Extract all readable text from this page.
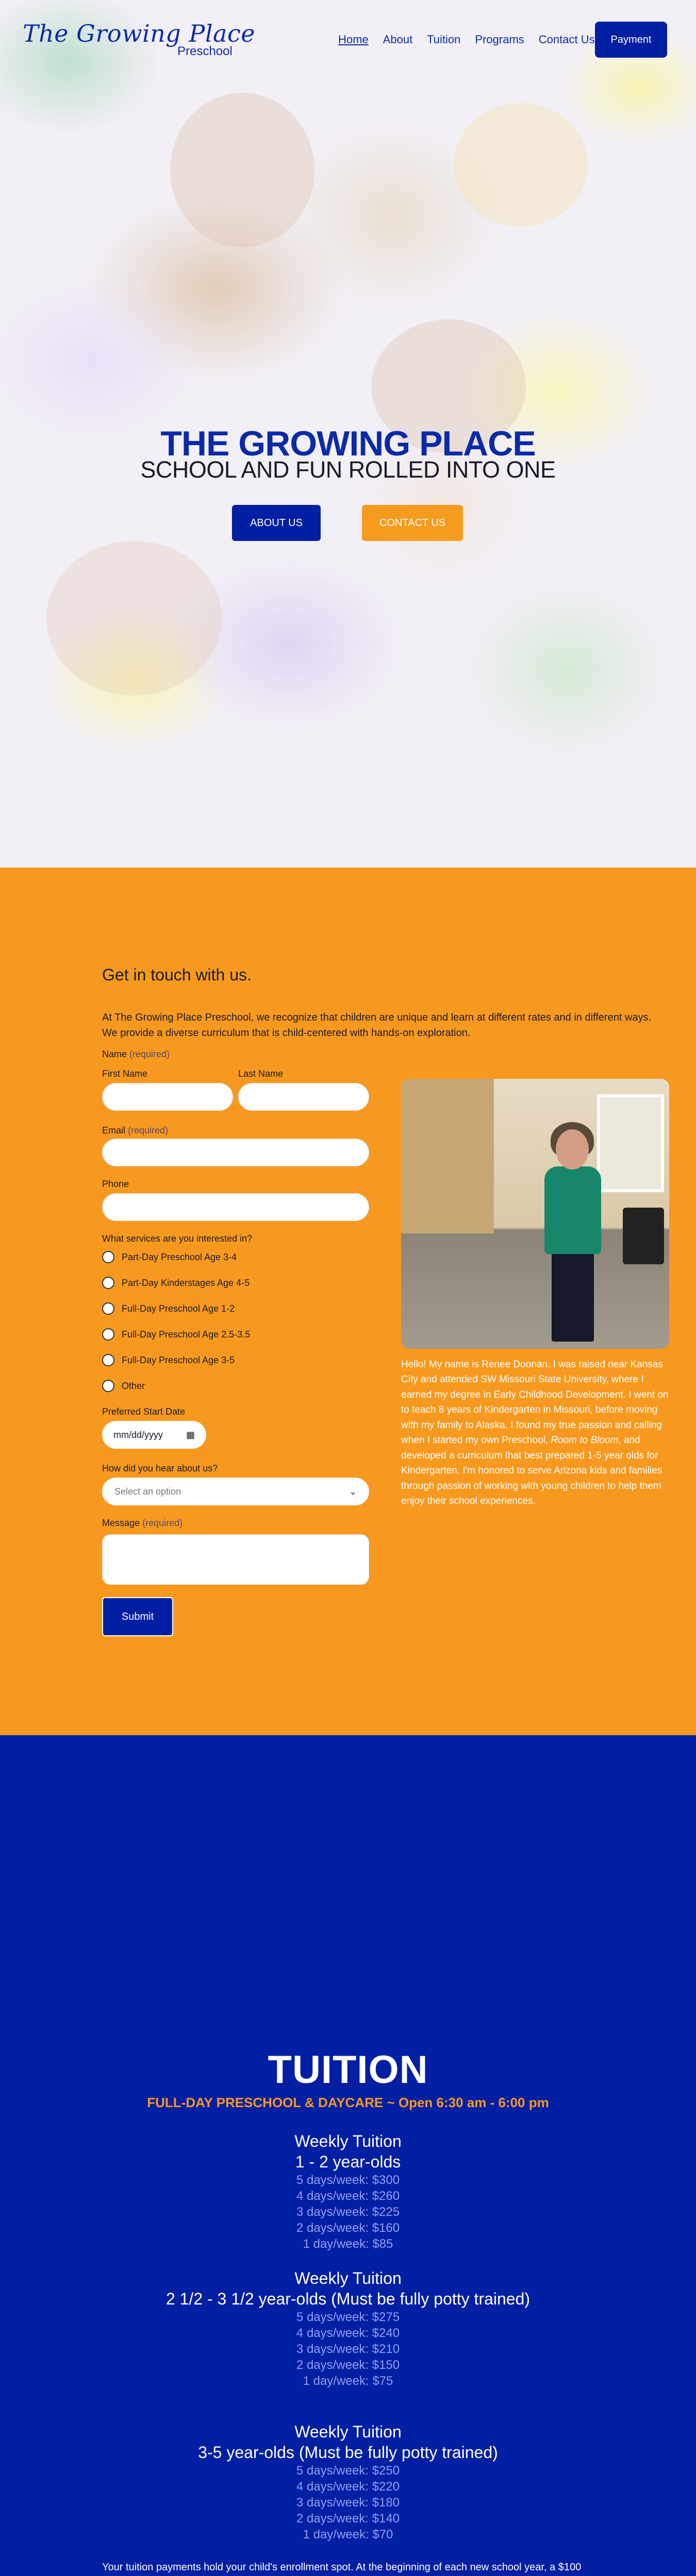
The Growing Place
Preschool
Home About Tuition Programs Contact Us	Payment
THE GROWING PLACE
SCHOOL AND FUN ROLLED INTO ONE
ABOUT US	CONTACT US
Get in touch with us.
At The Growing Place Preschool, we recognize that children are unique and learn at different rates and in different ways. We provide a diverse curriculum that is child-centered with hands-on exploration.
Name (required)
First Name	Last Name
Email (required)
Phone
What services are you interested in?
Part-Day Preschool Age 3-4
Part-Day Kinderstages Age 4-5
Full-Day Preschool Age 1-2
Full-Day Preschool Age 2.5-3.5
Full-Day Preschool Age 3-5
Other
Preferred Start Date
mm/dd/yyyy ▦
How did you hear about us?
Select an option	⌄
Message (required)
Submit
Hello! My name is Renee Doonan. I was raised near Kansas City and attended SW Missouri State University, where I earned my degree in Early Childhood Development. I went on to teach 8 years of Kindergarten in Missouri, before moving with my family to Alaska. I found my true passion and calling when I started my own Preschool, Room to Bloom, and developed a curriculum that best prepared 1-5 year olds for Kindergarten. I'm honored to serve Arizona kids and families through passion of working with young children to help them enjoy their school experiences.
TUITION
FULL-DAY PRESCHOOL & DAYCARE ~ Open 6:30 am - 6:00 pm
Weekly Tuition
1 - 2 year-olds
5 days/week: $300
4 days/week: $260
3 days/week: $225
2 days/week: $160
1 day/week: $85
Weekly Tuition
2 1/2 - 3 1/2 year-olds (Must be fully potty trained)
5 days/week: $275
4 days/week: $240
3 days/week: $210
2 days/week: $150
1 day/week: $75
Weekly Tuition
3-5 year-olds (Must be fully potty trained)
5 days/week: $250
4 days/week: $220
3 days/week: $180
2 days/week: $140
1 day/week: $70
Your tuition payments hold your child's enrollment spot. At the beginning of each new school year, a $100
